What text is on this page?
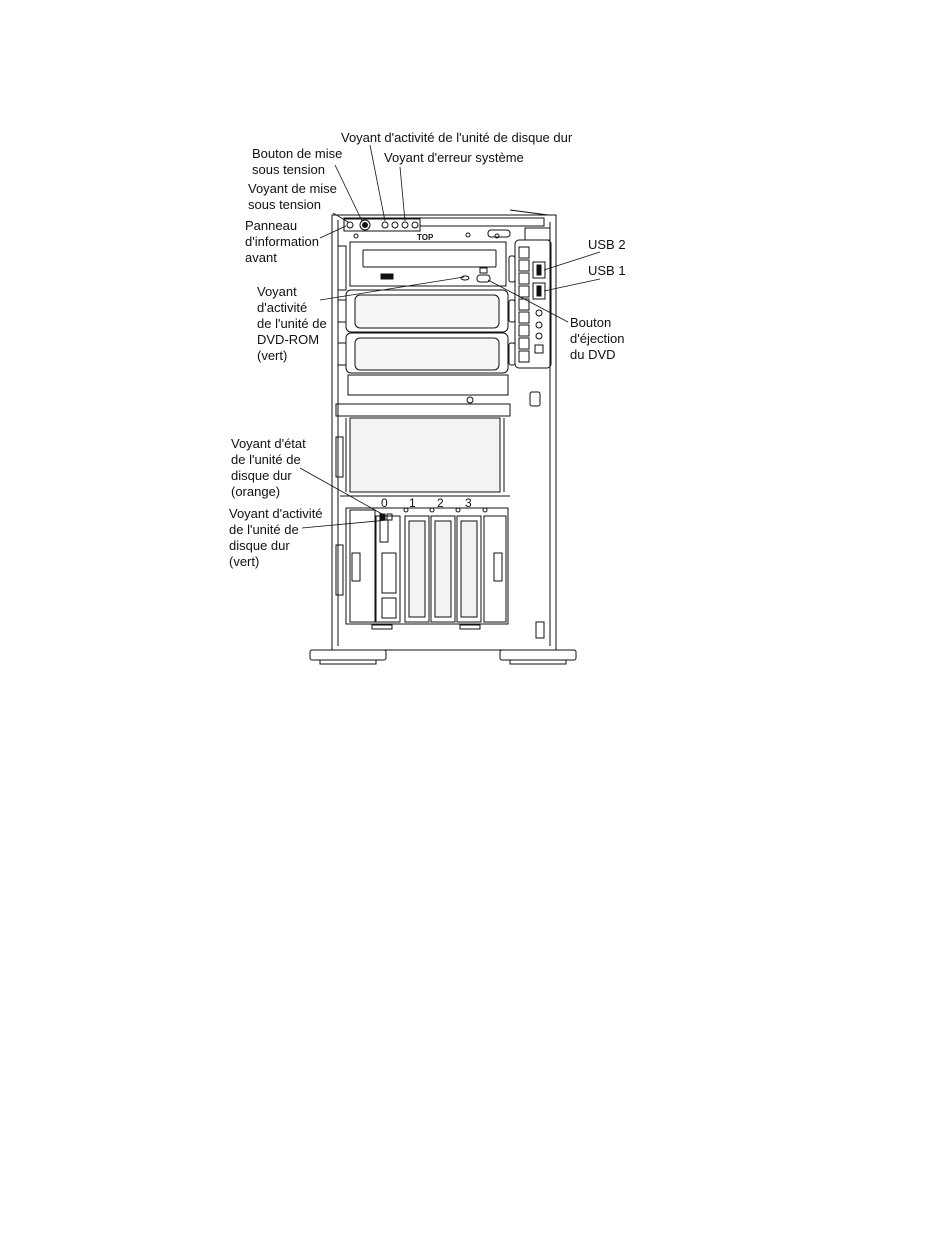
TOP
Voyant d'activité de l'unité de disque dur
Voyant d'erreur système
Bouton de mise
sous tension
Voyant de mise
sous tension
Panneau
d'information
avant
USB 2
USB 1
Voyant
d'activité
de l'unité de
DVD-ROM
(vert)
Bouton
d'éjection
du DVD
Voyant d'état
de l'unité de
disque dur
(orange)
Voyant d'activité
de l'unité de
disque dur
(vert)
0 1 2 3
